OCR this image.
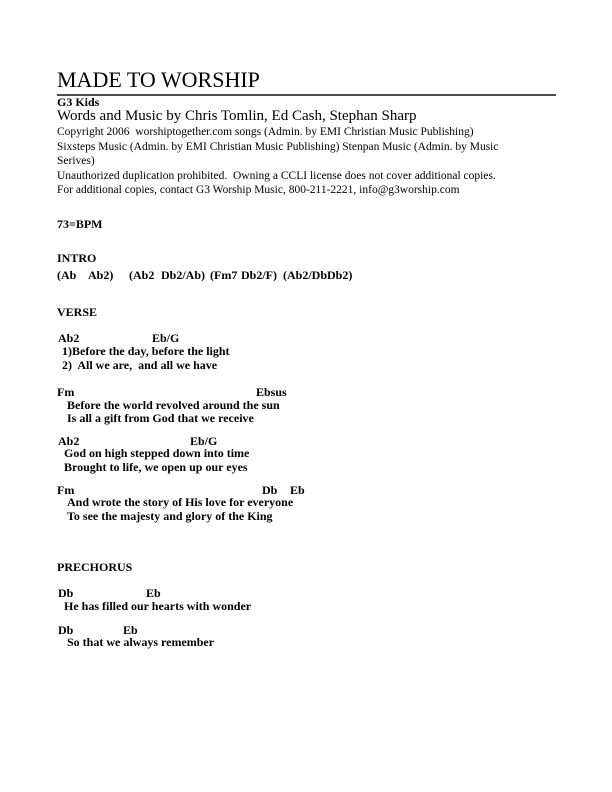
MADE TO WORSHIP
G3 Kids
Words and Music by Chris Tomlin, Ed Cash, Stephan Sharp
Copyright 2006  worshiptogether.com songs (Admin. by EMI Christian Music Publishing)
Sixsteps Music (Admin. by EMI Christian Music Publishing) Stenpan Music (Admin. by Music
Serives)
Unauthorized duplication prohibited.  Owning a CCLI license does not cover additional copies.
For additional copies, contact G3 Worship Music, 800-211-2221, info@g3worship.com
73=BPM
INTRO
(Ab Ab2) (Ab2 Db2/Ab) (Fm7 Db2/F) (Ab2/Db Db2)
VERSE
Ab2	Eb/G
1)Before the day, before the light
2)  All we are,  and all we have
Fm	Ebsus
Before the world revolved around the sun
Is all a gift from God that we receive
Ab2	Eb/G
God on high stepped down into time
Brought to life, we open up our eyes
Fm	Db Eb
And wrote the story of His love for everyone
To see the majesty and glory of the King
PRECHORUS
Db	Eb
He has filled our hearts with wonder
Db	Eb
So that we always remember
